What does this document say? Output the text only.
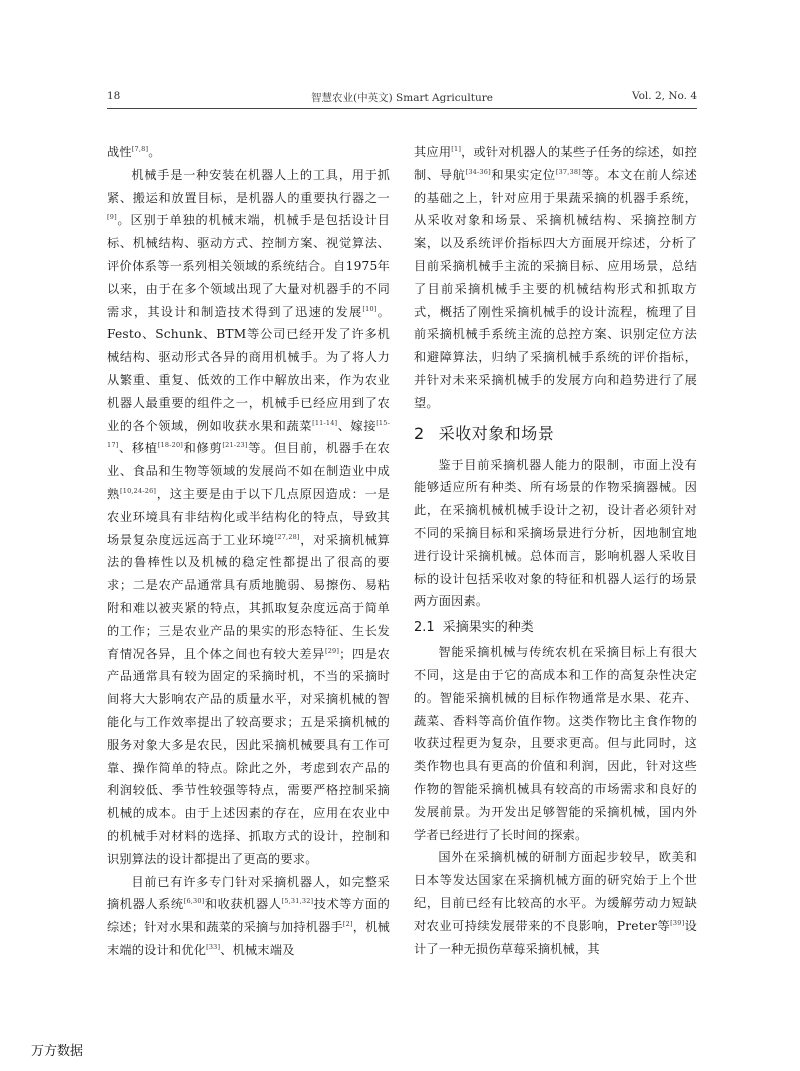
18	智慧农业(中英文) Smart Agriculture	Vol. 2, No. 4

战性[7,8]。

机械手是一种安装在机器人上的工具，用于抓紧、搬运和放置目标，是机器人的重要执行器之一[9]。区别于单独的机械末端，机械手是包括设计目标、机械结构、驱动方式、控制方案、视觉算法、评价体系等一系列相关领域的系统结合。自1975年以来，由于在多个领域出现了大量对机器手的不同需求，其设计和制造技术得到了迅速的发展[10]。Festo、Schunk、BTM等公司已经开发了许多机械结构、驱动形式各异的商用机械手。为了将人力从繁重、重复、低效的工作中解放出来，作为农业机器人最重要的组件之一，机械手已经应用到了农业的各个领域，例如收获水果和蔬菜[11-14]、嫁接[15-17]、移植[18-20]和修剪[21-23]等。但目前，机器手在农业、食品和生物等领域的发展尚不如在制造业中成熟[10,24-26]，这主要是由于以下几点原因造成：一是农业环境具有非结构化或半结构化的特点，导致其场景复杂度远远高于工业环境[27,28]，对采摘机械算法的鲁棒性以及机械的稳定性都提出了很高的要求；二是农产品通常具有质地脆弱、易擦伤、易粘附和难以被夹紧的特点，其抓取复杂度远高于简单的工作；三是农业产品的果实的形态特征、生长发育情况各异，且个体之间也有较大差异[29]；四是农产品通常具有较为固定的采摘时机，不当的采摘时间将大大影响农产品的质量水平，对采摘机械的智能化与工作效率提出了较高要求；五是采摘机械的服务对象大多是农民，因此采摘机械要具有工作可靠、操作简单的特点。除此之外，考虑到农产品的利润较低、季节性较强等特点，需要严格控制采摘机械的成本。由于上述因素的存在，应用在农业中的机械手对材料的选择、抓取方式的设计，控制和识别算法的设计都提出了更高的要求。

目前已有许多专门针对采摘机器人，如完整采摘机器人系统[6,30]和收获机器人[5,31,32]技术等方面的综述；针对水果和蔬菜的采摘与加持机器手[2]，机械末端的设计和优化[33]、机械末端及

其应用[1]，或针对机器人的某些子任务的综述，如控制、导航[34-36]和果实定位[37,38]等。本文在前人综述的基础之上，针对应用于果蔬采摘的机器手系统，从采收对象和场景、采摘机械结构、采摘控制方案，以及系统评价指标四大方面展开综述，分析了目前采摘机械手主流的采摘目标、应用场景，总结了目前采摘机械手主要的机械结构形式和抓取方式，概括了刚性采摘机械手的设计流程，梳理了目前采摘机械手系统主流的总控方案、识别定位方法和避障算法，归纳了采摘机械手系统的评价指标，并针对未来采摘机械手的发展方向和趋势进行了展望。

2 采收对象和场景

鉴于目前采摘机器人能力的限制，市面上没有能够适应所有种类、所有场景的作物采摘器械。因此，在采摘机械机械手设计之初，设计者必须针对不同的采摘目标和采摘场景进行分析，因地制宜地进行设计采摘机械。总体而言，影响机器人采收目标的设计包括采收对象的特征和机器人运行的场景两方面因素。

2.1 采摘果实的种类

智能采摘机械与传统农机在采摘目标上有很大不同，这是由于它的高成本和工作的高复杂性决定的。智能采摘机械的目标作物通常是水果、花卉、蔬菜、香料等高价值作物。这类作物比主食作物的收获过程更为复杂，且要求更高。但与此同时，这类作物也具有更高的价值和利润，因此，针对这些作物的智能采摘机械具有较高的市场需求和良好的发展前景。为开发出足够智能的采摘机械，国内外学者已经进行了长时间的探索。

国外在采摘机械的研制方面起步较早，欧美和日本等发达国家在采摘机械方面的研究始于上个世纪，目前已经有比较高的水平。为缓解劳动力短缺对农业可持续发展带来的不良影响，Preter等[39]设计了一种无损伤草莓采摘机械，其

万方数据
